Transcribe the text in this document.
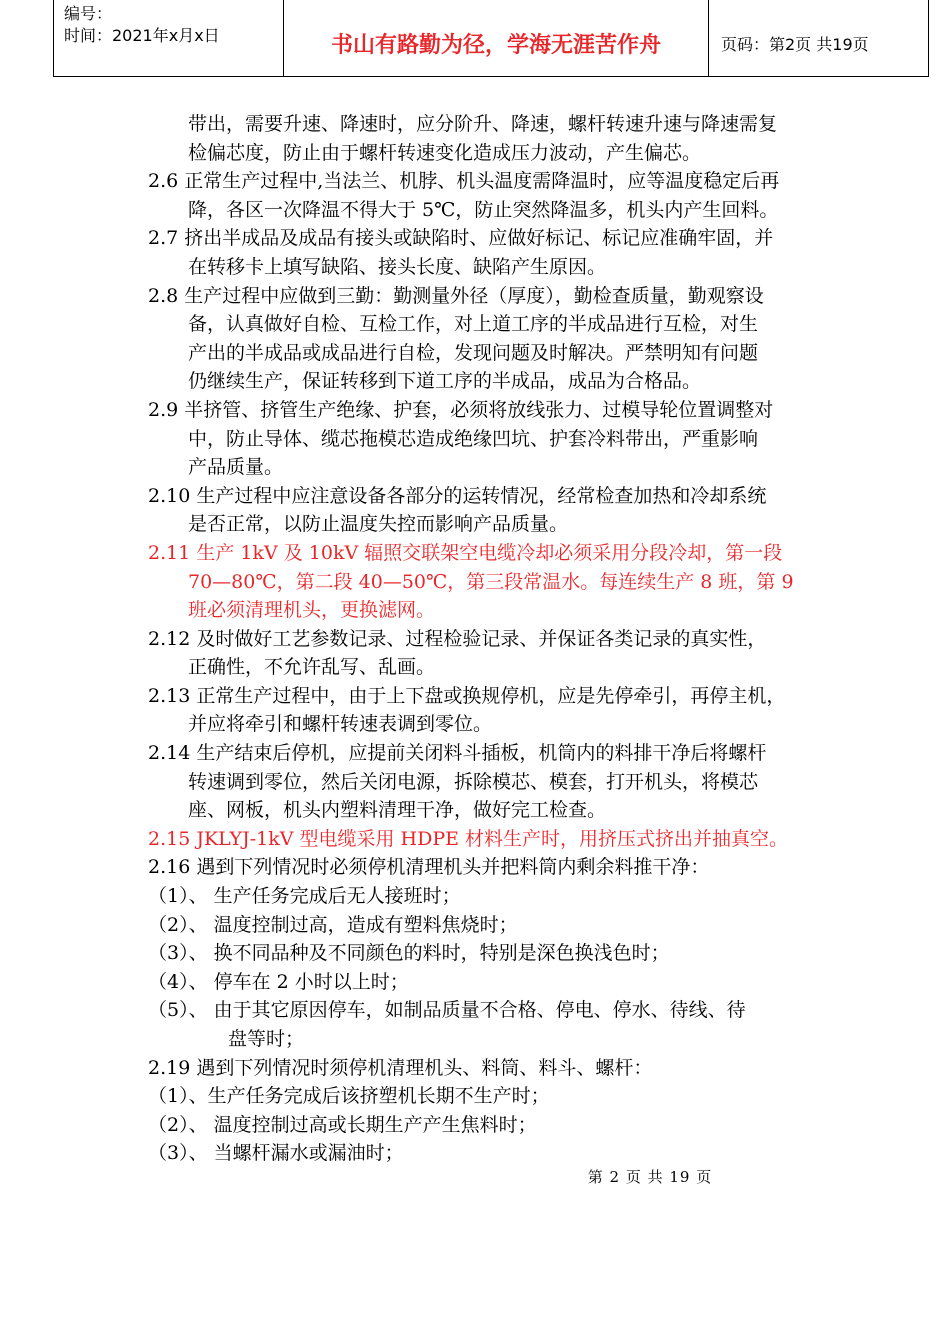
编号：
时间：2021年x月x日	书山有路勤为径，学海无涯苦作舟	页码：第2页 共19页
带出，需要升速、降速时，应分阶升、降速，螺杆转速升速与降速需复
检偏芯度，防止由于螺杆转速变化造成压力波动，产生偏芯。
2.6 正常生产过程中,当法兰、机脖、机头温度需降温时，应等温度稳定后再
降，各区一次降温不得大于 5℃，防止突然降温多，机头内产生回料。
2.7 挤出半成品及成品有接头或缺陷时、应做好标记、标记应准确牢固，并
在转移卡上填写缺陷、接头长度、缺陷产生原因。
2.8 生产过程中应做到三勤：勤测量外径（厚度），勤检查质量，勤观察设
备，认真做好自检、互检工作，对上道工序的半成品进行互检，对生
产出的半成品或成品进行自检，发现问题及时解决。严禁明知有问题
仍继续生产，保证转移到下道工序的半成品，成品为合格品。
2.9 半挤管、挤管生产绝缘、护套，必须将放线张力、过模导轮位置调整对
中，防止导体、缆芯拖模芯造成绝缘凹坑、护套冷料带出，严重影响
产品质量。
2.10 生产过程中应注意设备各部分的运转情况，经常检查加热和冷却系统
是否正常，以防止温度失控而影响产品质量。
2.11 生产 1kV 及 10kV 辐照交联架空电缆冷却必须采用分段冷却，第一段
70—80℃，第二段 40—50℃，第三段常温水。每连续生产 8 班，第 9
班必须清理机头，更换滤网。
2.12 及时做好工艺参数记录、过程检验记录、并保证各类记录的真实性，
正确性，不允许乱写、乱画。
2.13 正常生产过程中，由于上下盘或换规停机，应是先停牵引，再停主机，
并应将牵引和螺杆转速表调到零位。
2.14 生产结束后停机，应提前关闭料斗插板，机筒内的料排干净后将螺杆
转速调到零位，然后关闭电源，拆除模芯、模套，打开机头，将模芯
座、网板，机头内塑料清理干净，做好完工检查。
2.15 JKLYJ-1kV 型电缆采用 HDPE 材料生产时，用挤压式挤出并抽真空。
2.16 遇到下列情况时必须停机清理机头并把料筒内剩余料推干净：
（1）、 生产任务完成后无人接班时；
（2）、 温度控制过高，造成有塑料焦烧时；
（3）、 换不同品种及不同颜色的料时，特别是深色换浅色时；
（4）、 停车在 2 小时以上时；
（5）、 由于其它原因停车，如制品质量不合格、停电、停水、待线、待
盘等时；
2.19 遇到下列情况时须停机清理机头、料筒、料斗、螺杆：
（1）、生产任务完成后该挤塑机长期不生产时；
（2）、 温度控制过高或长期生产产生焦料时；
（3）、 当螺杆漏水或漏油时；
第 2 页 共 19 页
